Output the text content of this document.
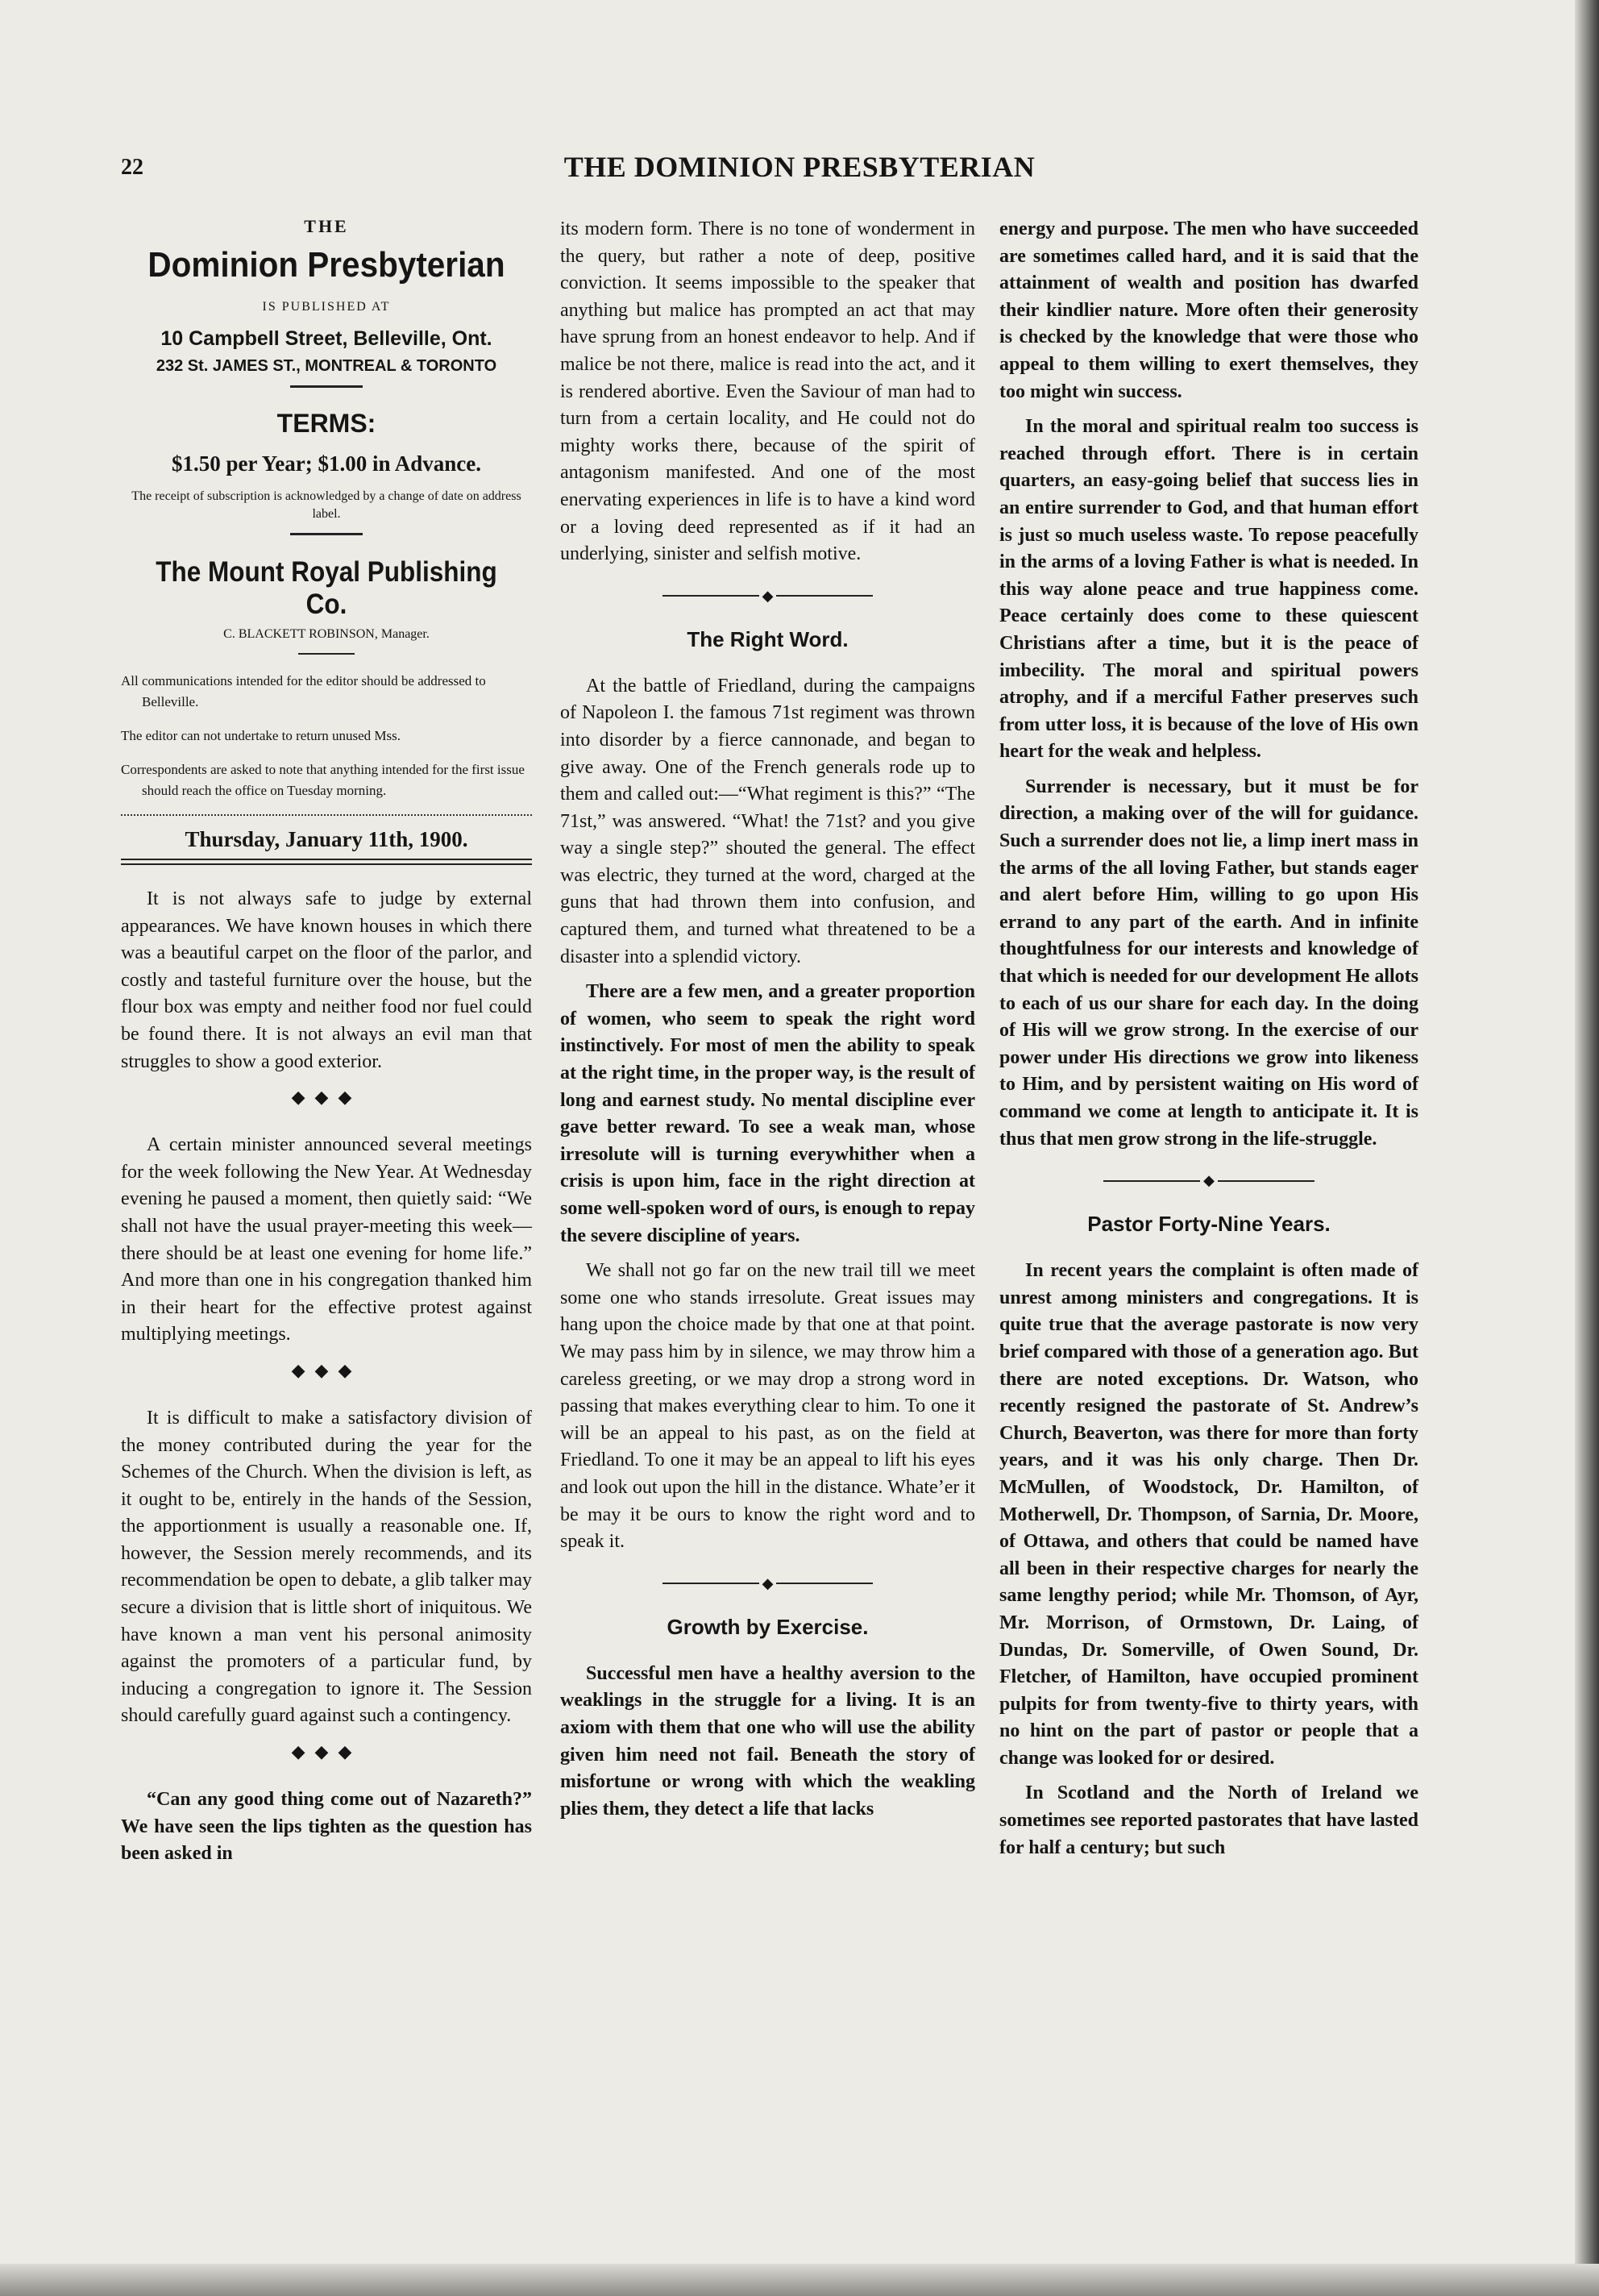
22	THE DOMINION PRESBYTERIAN
THE
Dominion Presbyterian
IS PUBLISHED AT
10 Campbell Street, Belleville, Ont.
232 St. JAMES ST., MONTREAL & TORONTO
TERMS:
$1.50 per Year; $1.00 in Advance.
The receipt of subscription is acknowledged by a change of date on address label.
The Mount Royal Publishing Co.
C. BLACKETT ROBINSON, Manager.
All communications intended for the editor should be addressed to Belleville.
The editor can not undertake to return unused Mss.
Correspondents are asked to note that anything intended for the first issue should reach the office on Tuesday morning.
Thursday, January 11th, 1900.

It is not always safe to judge by external appearances. We have known houses in which there was a beautiful carpet on the floor of the parlor, and costly and tasteful furniture over the house, but the flour box was empty and neither food nor fuel could be found there. It is not always an evil man that struggles to show a good exterior.

◆◆◆

A certain minister announced several meetings for the week following the New Year. At Wednesday evening he paused a moment, then quietly said: “We shall not have the usual prayer-meeting this week—there should be at least one evening for home life.” And more than one in his congregation thanked him in their heart for the effective protest against multiplying meetings.

◆◆◆

It is difficult to make a satisfactory division of the money contributed during the year for the Schemes of the Church. When the division is left, as it ought to be, entirely in the hands of the Session, the apportionment is usually a reasonable one. If, however, the Session merely recommends, and its recommendation be open to debate, a glib talker may secure a division that is little short of iniquitous. We have known a man vent his personal animosity against the promoters of a particular fund, by inducing a congregation to ignore it. The Session should carefully guard against such a contingency.

◆◆◆

“Can any good thing come out of Nazareth?” We have seen the lips tighten as the question has been asked in

its modern form. There is no tone of wonderment in the query, but rather a note of deep, positive conviction. It seems impossible to the speaker that anything but malice has prompted an act that may have sprung from an honest endeavor to help. And if malice be not there, malice is read into the act, and it is rendered abortive. Even the Saviour of man had to turn from a certain locality, and He could not do mighty works there, because of the spirit of antagonism manifested. And one of the most enervating experiences in life is to have a kind word or a loving deed represented as if it had an underlying, sinister and selfish motive.

◆
The Right Word.

At the battle of Friedland, during the campaigns of Napoleon I. the famous 71st regiment was thrown into disorder by a fierce cannonade, and began to give away. One of the French generals rode up to them and called out:—“What regiment is this?” “The 71st,” was answered. “What! the 71st? and you give way a single step?” shouted the general. The effect was electric, they turned at the word, charged at the guns that had thrown them into confusion, and captured them, and turned what threatened to be a disaster into a splendid victory.

There are a few men, and a greater proportion of women, who seem to speak the right word instinctively. For most of men the ability to speak at the right time, in the proper way, is the result of long and earnest study. No mental discipline ever gave better reward. To see a weak man, whose irresolute will is turning everywhither when a crisis is upon him, face in the right direction at some well-spoken word of ours, is enough to repay the severe discipline of years.

We shall not go far on the new trail till we meet some one who stands irresolute. Great issues may hang upon the choice made by that one at that point. We may pass him by in silence, we may throw him a careless greeting, or we may drop a strong word in passing that makes everything clear to him. To one it will be an appeal to his past, as on the field at Friedland. To one it may be an appeal to lift his eyes and look out upon the hill in the distance. Whate’er it be may it be ours to know the right word and to speak it.

◆
Growth by Exercise.

Successful men have a healthy aversion to the weaklings in the struggle for a living. It is an axiom with them that one who will use the ability given him need not fail. Beneath the story of misfortune or wrong with which the weakling plies them, they detect a life that lacks

energy and purpose. The men who have succeeded are sometimes called hard, and it is said that the attainment of wealth and position has dwarfed their kindlier nature. More often their generosity is checked by the knowledge that were those who appeal to them willing to exert themselves, they too might win success.

In the moral and spiritual realm too success is reached through effort. There is in certain quarters, an easy-going belief that success lies in an entire surrender to God, and that human effort is just so much useless waste. To repose peacefully in the arms of a loving Father is what is needed. In this way alone peace and true happiness come. Peace certainly does come to these quiescent Christians after a time, but it is the peace of imbecility. The moral and spiritual powers atrophy, and if a merciful Father preserves such from utter loss, it is because of the love of His own heart for the weak and helpless.

Surrender is necessary, but it must be for direction, a making over of the will for guidance. Such a surrender does not lie, a limp inert mass in the arms of the all loving Father, but stands eager and alert before Him, willing to go upon His errand to any part of the earth. And in infinite thoughtfulness for our interests and knowledge of that which is needed for our development He allots to each of us our share for each day. In the doing of His will we grow strong. In the exercise of our power under His directions we grow into likeness to Him, and by persistent waiting on His word of command we come at length to anticipate it. It is thus that men grow strong in the life-struggle.

◆
Pastor Forty-Nine Years.

In recent years the complaint is often made of unrest among ministers and congregations. It is quite true that the average pastorate is now very brief compared with those of a generation ago. But there are noted exceptions. Dr. Watson, who recently resigned the pastorate of St. Andrew’s Church, Beaverton, was there for more than forty years, and it was his only charge. Then Dr. McMullen, of Woodstock, Dr. Hamilton, of Motherwell, Dr. Thompson, of Sarnia, Dr. Moore, of Ottawa, and others that could be named have all been in their respective charges for nearly the same lengthy period; while Mr. Thomson, of Ayr, Mr. Morrison, of Ormstown, Dr. Laing, of Dundas, Dr. Somerville, of Owen Sound, Dr. Fletcher, of Hamilton, have occupied prominent pulpits for from twenty-five to thirty years, with no hint on the part of pastor or people that a change was looked for or desired.

In Scotland and the North of Ireland we sometimes see reported pastorates that have lasted for half a century; but such
